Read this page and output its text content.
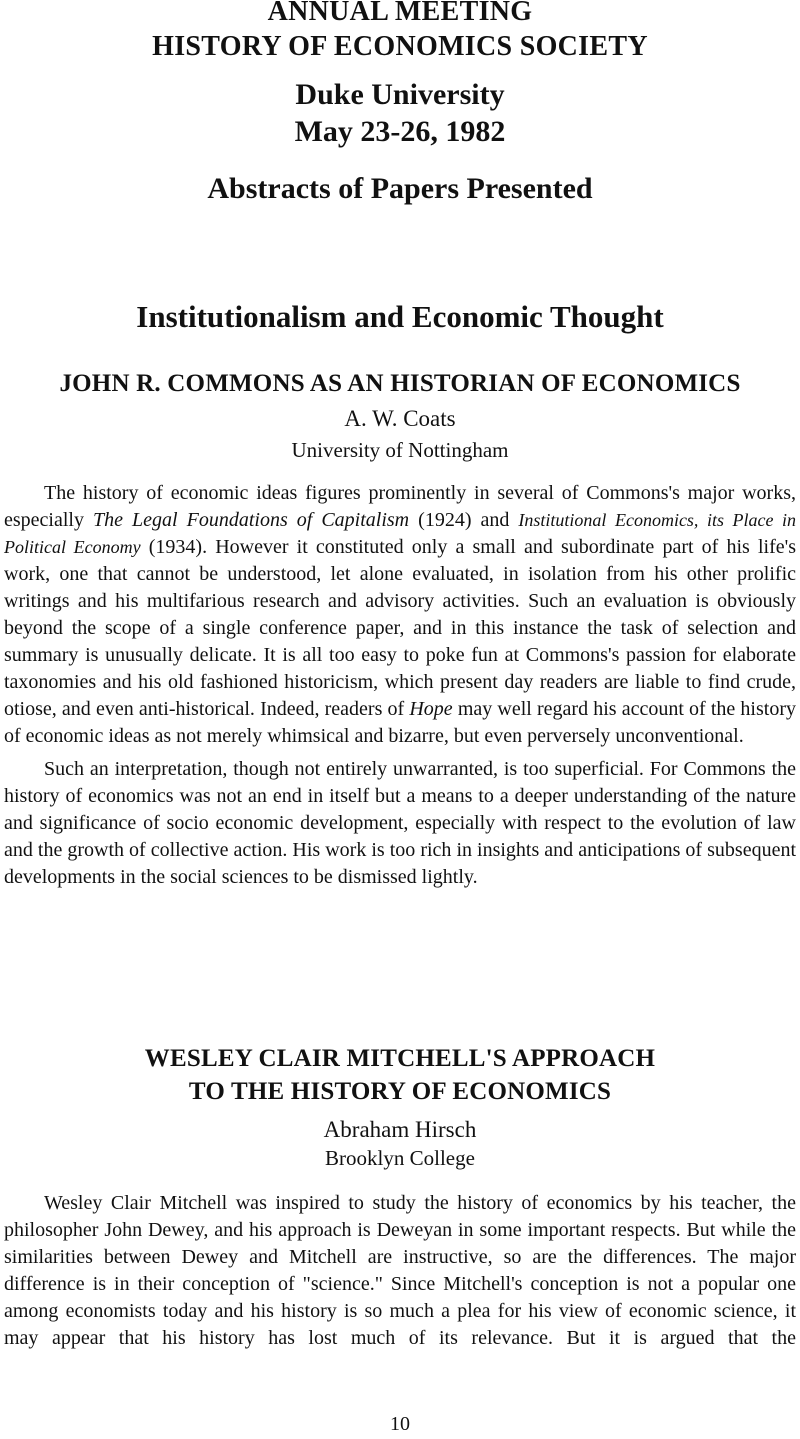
ANNUAL MEETING
HISTORY OF ECONOMICS SOCIETY
Duke University
May 23-26, 1982
Abstracts of Papers Presented
Institutionalism and Economic Thought
JOHN R. COMMONS AS AN HISTORIAN OF ECONOMICS
A. W. Coats
University of Nottingham

The history of economic ideas figures prominently in several of Commons's major works, especially The Legal Foundations of Capitalism (1924) and Institutional Economics, its Place in Political Economy (1934). However it constituted only a small and subordinate part of his life's work, one that cannot be understood, let alone evaluated, in isolation from his other prolific writings and his multifarious research and advisory activities. Such an evaluation is obviously beyond the scope of a single conference paper, and in this instance the task of selection and summary is unusually delicate. It is all too easy to poke fun at Commons's passion for elaborate taxonomies and his old fashioned historicism, which present day readers are liable to find crude, otiose, and even anti-historical. Indeed, readers of Hope may well regard his account of the history of economic ideas as not merely whimsical and bizarre, but even perversely unconventional.

Such an interpretation, though not entirely unwarranted, is too superficial. For Commons the history of economics was not an end in itself but a means to a deeper understanding of the nature and significance of socio economic development, especially with respect to the evolution of law and the growth of collective action. His work is too rich in insights and anticipations of subsequent developments in the social sciences to be dismissed lightly.

WESLEY CLAIR MITCHELL'S APPROACH
TO THE HISTORY OF ECONOMICS
Abraham Hirsch
Brooklyn College

Wesley Clair Mitchell was inspired to study the history of economics by his teacher, the philosopher John Dewey, and his approach is Deweyan in some important respects. But while the similarities between Dewey and Mitchell are instructive, so are the differences. The major difference is in their conception of "science." Since Mitchell's conception is not a popular one among economists today and his history is so much a plea for his view of economic science, it may appear that his history has lost much of its relevance. But it is argued that the

10
